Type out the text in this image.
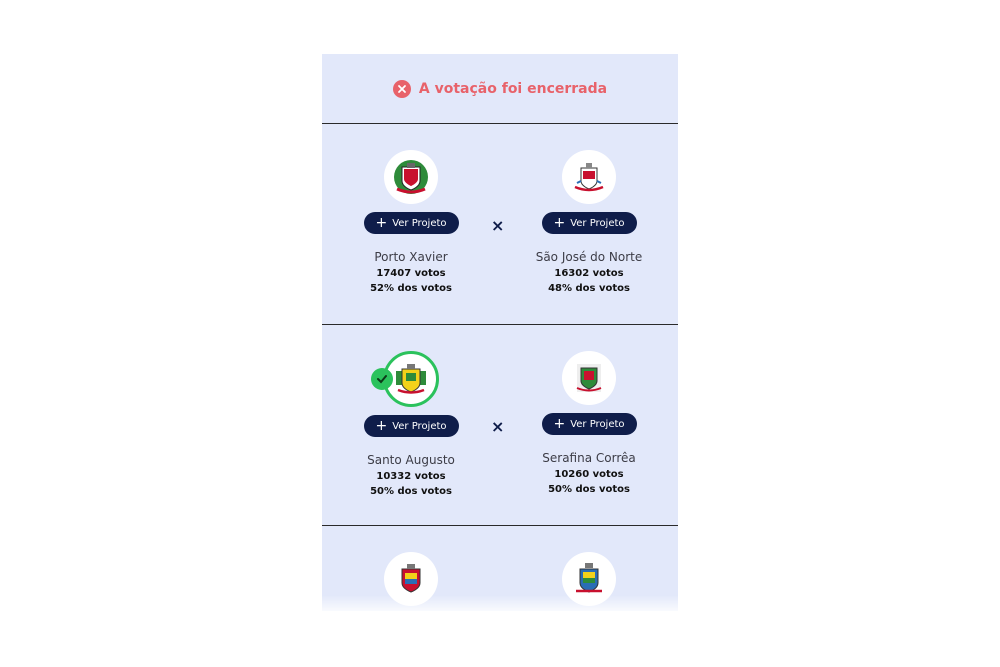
A votação foi encerrada
+ Ver Projeto
Porto Xavier
17407 votos
52% dos votos
×	+ Ver Projeto
São José do Norte
16302 votos
48% dos votos
+ Ver Projeto
Santo Augusto
10332 votos
50% dos votos
×	+ Ver Projeto
Serafina Corrêa
10260 votos
50% dos votos
